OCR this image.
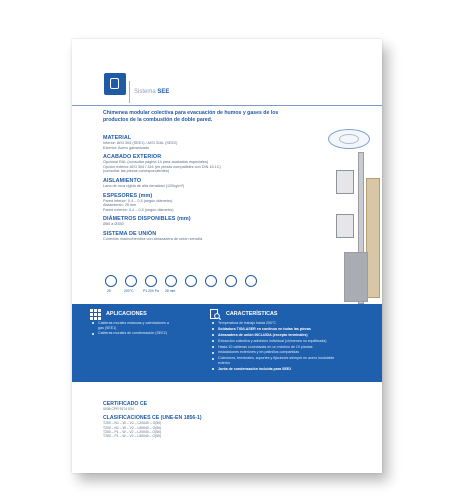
Sistema SEE
Chimenea modular colectiva para evacuación de humos y gases de los productos de la combustión de doble pared.
MATERIAL
Interior: AISI 304 (SEE1) / AISI 316L (SEE2)
Exterior: Acero galvanizado
ACABADO EXTERIOR
Opcional RAL (consultar página 14 para acabados especiales)
Opción exterior AISI 304 / 316 (en piezas compatibles con DIN 18.1C)
(consultar las piezas correspondientes)
AISLAMIENTO
Lana de roca rígida de alta densidad (120kg/m³)
ESPESORES (mm)
Pared interior: 0,4 – 0,5 (según diámetro)
Aislamiento: 25 mm
Pared exterior: 0,4 – 0,5 (según diámetro)
DIÁMETROS DISPONIBLES (mm)
Ø80 a Ø350
SISTEMA DE UNIÓN
Conexión macho/hembra con abrazadera de unión sencilla
25	200°C	P1 200 Pa 25 mm
APLICACIONES
Calderas murales estancas y calentadores a gas (SEE1)
Calderas murales de condensación (SEE2)
CARACTERÍSTICAS
Temperatura de trabajo hasta 200°C
Soldadura TIG/LASER en continuo en todas las piezas
Abrazadera de unión INCLUIDA (excepto terminales)
Extracción colectiva y admisión individual (chimenea no equilibrada)
Hasta 10 calderas conectadas en un máximo de 10 plantas
Instalaciones exteriores y en patinillos compartidas
Colectores, terminales, soportes y fijaciones siempre en acero inoxidable exterior
Junta de condensación incluida para SEE2
CERTIFICADO CE
0036 CPR 9174 034
CLASIFICACIONES CE (UNE-EN 1856-1)
T200 – N1 – W – V2 – L20040 – O(50)
T200 – N1 – W – V2 – L50040 – O(50)
T200 – P1 – W – V2 – L20040 – O(50)
T200 – P1 – W – V2 – L50040 – O(50)
